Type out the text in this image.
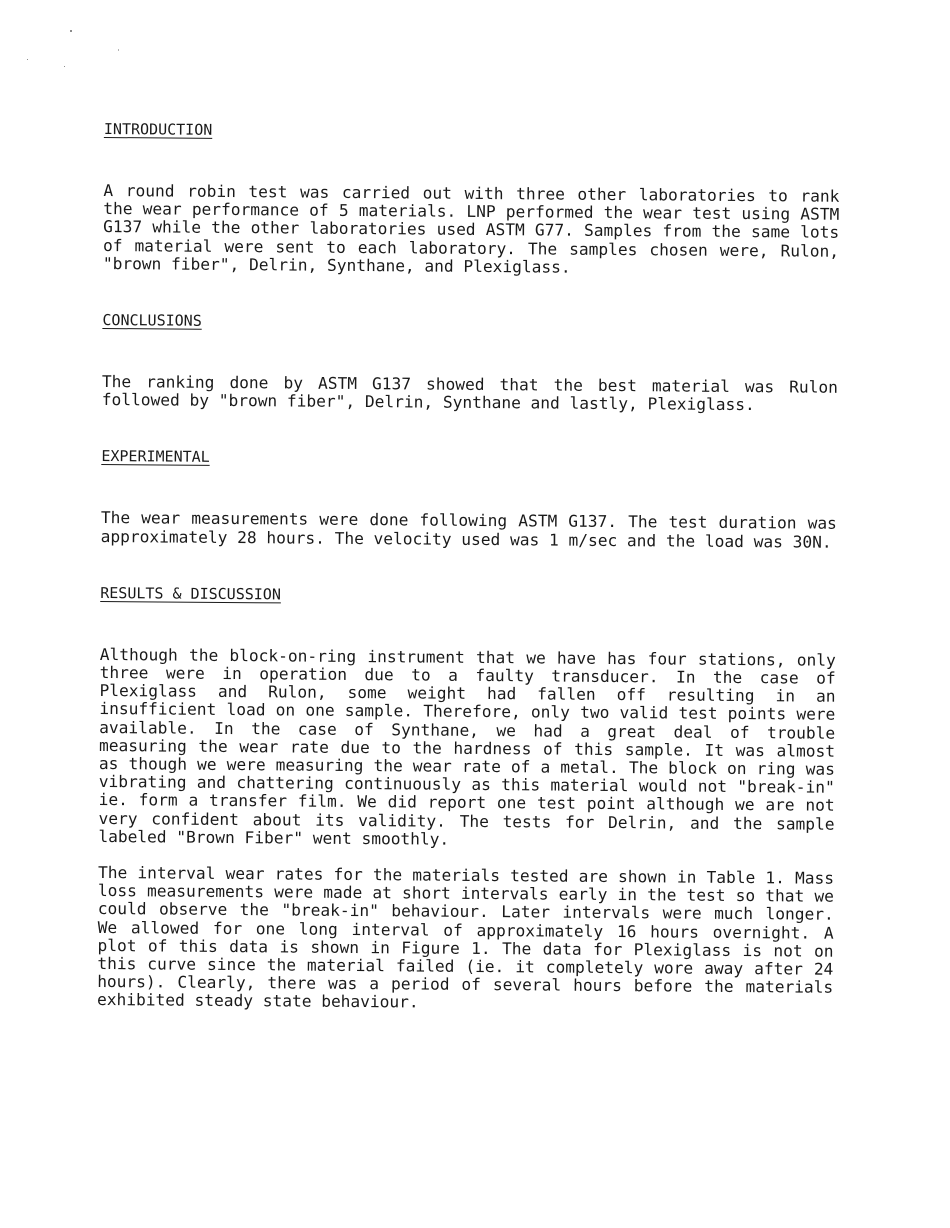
INTRODUCTION

A round robin test was carried out with three other laboratories to rank the wear performance of 5 materials. LNP performed the wear test using ASTM G137 while the other laboratories used ASTM G77. Samples from the same lots of material were sent to each laboratory. The samples chosen were, Rulon, "brown fiber", Delrin, Synthane, and Plexiglass.

CONCLUSIONS

The ranking done by ASTM G137 showed that the best material was Rulon followed by "brown fiber", Delrin, Synthane and lastly, Plexiglass.

EXPERIMENTAL

The wear measurements were done following ASTM G137. The test duration was approximately 28 hours. The velocity used was 1 m/sec and the load was 30N.

RESULTS & DISCUSSION

Although the block-on-ring instrument that we have has four stations, only three were in operation due to a faulty transducer. In the case of Plexiglass and Rulon, some weight had fallen off resulting in an insufficient load on one sample. Therefore, only two valid test points were available. In the case of Synthane, we had a great deal of trouble measuring the wear rate due to the hardness of this sample. It was almost as though we were measuring the wear rate of a metal. The block on ring was vibrating and chattering continuously as this material would not "break-in" ie. form a transfer film. We did report one test point although we are not very confident about its validity. The tests for Delrin, and the sample labeled "Brown Fiber" went smoothly.

The interval wear rates for the materials tested are shown in Table 1. Mass loss measurements were made at short intervals early in the test so that we could observe the "break-in" behaviour. Later intervals were much longer. We allowed for one long interval of approximately 16 hours overnight. A plot of this data is shown in Figure 1. The data for Plexiglass is not on this curve since the material failed (ie. it completely wore away after 24 hours). Clearly, there was a period of several hours before the materials exhibited steady state behaviour.
